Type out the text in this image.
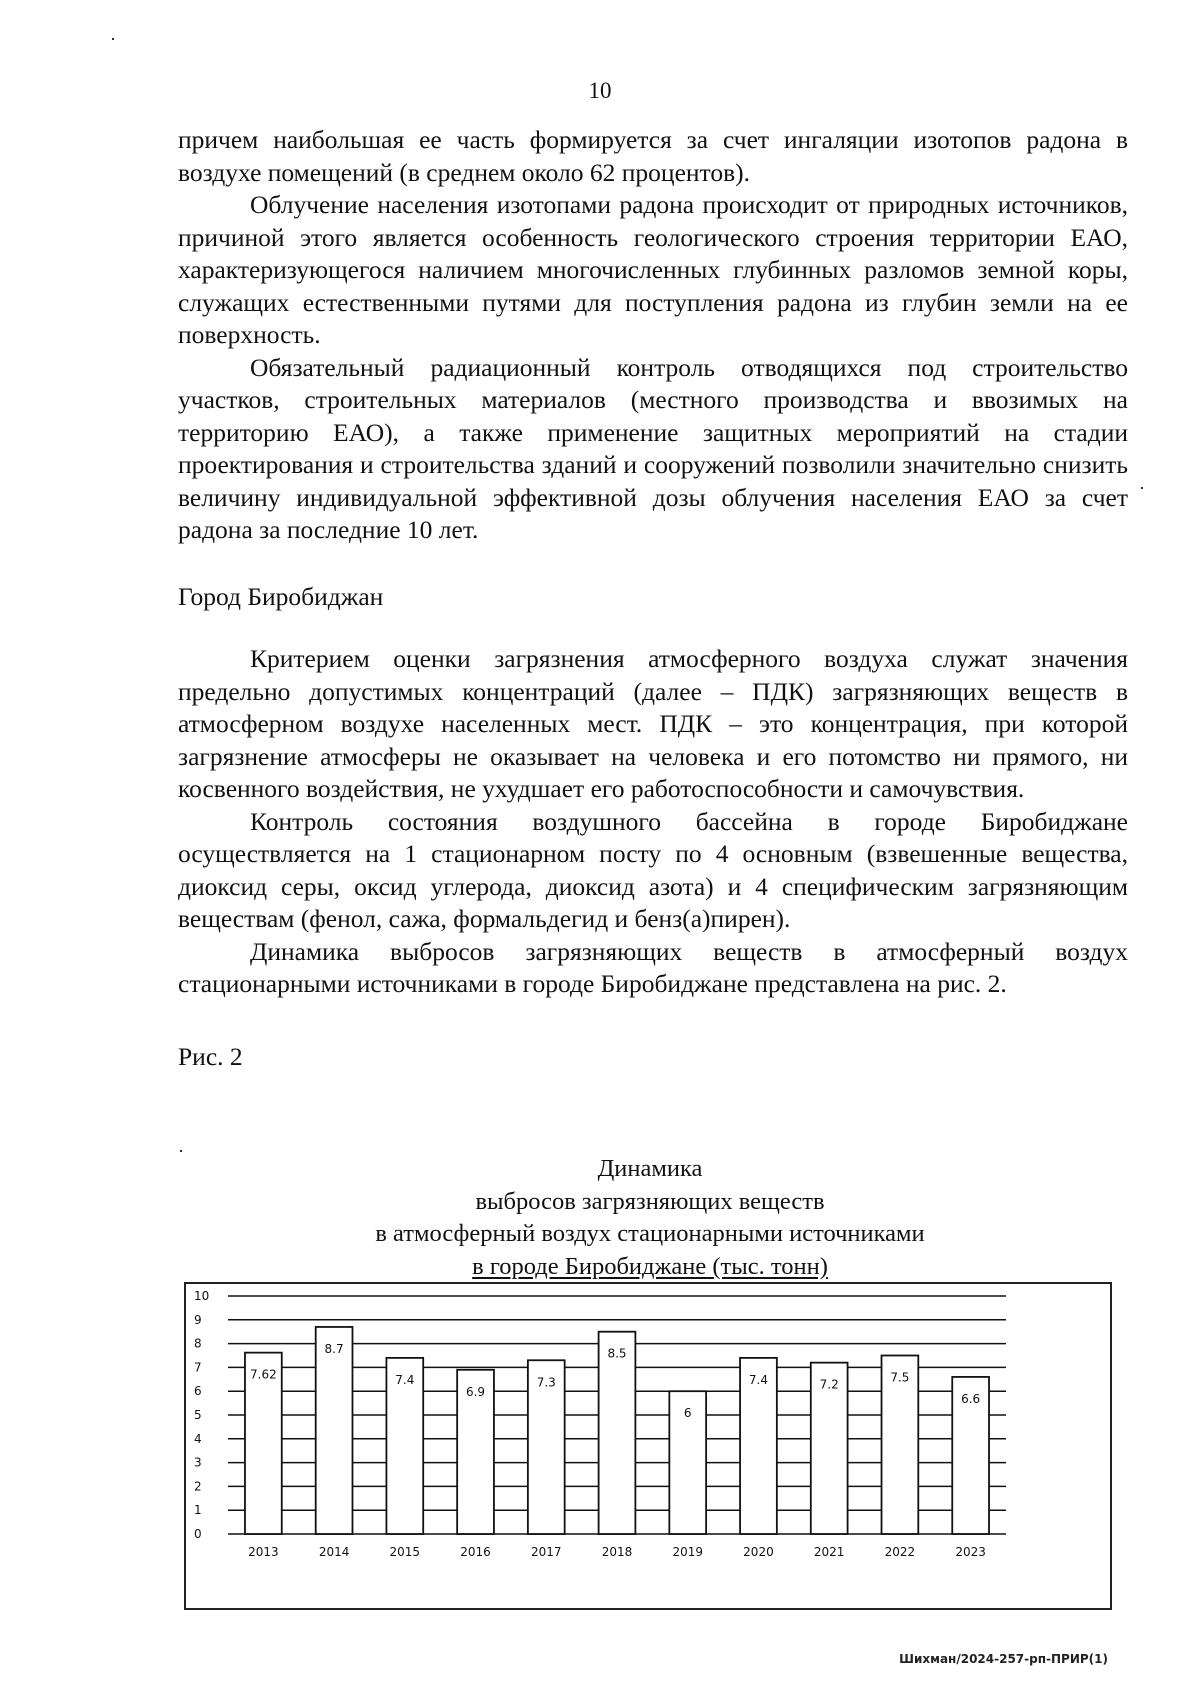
10

причем наибольшая ее часть формируется за счет ингаляции изотопов радона в воздухе помещений (в среднем около 62 процентов).

Облучение населения изотопами радона происходит от природных источников, причиной этого является особенность геологического строения территории ЕАО, характеризующегося наличием многочисленных глубинных разломов земной коры, служащих естественными путями для поступления радона из глубин земли на ее поверхность.

Обязательный радиационный контроль отводящихся под строительство участков, строительных материалов (местного производства и ввозимых на территорию ЕАО), а также применение защитных мероприятий на стадии проектирования и строительства зданий и сооружений позволили значительно снизить величину индивидуальной эффективной дозы облучения населения ЕАО за счет радона за последние 10 лет.

Город Биробиджан

Критерием оценки загрязнения атмосферного воздуха служат значения предельно допустимых концентраций (далее – ПДК) загрязняющих веществ в атмосферном воздухе населенных мест. ПДК – это концентрация, при которой загрязнение атмосферы не оказывает на человека и его потомство ни прямого, ни косвенного воздействия, не ухудшает его работоспособности и самочувствия.

Контроль состояния воздушного бассейна в городе Биробиджане осуществляется на 1 стационарном посту по 4 основным (взвешенные вещества, диоксид серы, оксид углерода, диоксид азота) и 4 специфическим загрязняющим веществам (фенол, сажа, формальдегид и бенз(а)пирен).

Динамика выбросов загрязняющих веществ в атмосферный воздух стационарными источниками в городе Биробиджане представлена на рис. 2.

Рис. 2

Динамика
выбросов загрязняющих веществ
в атмосферный воздух стационарными источниками
в городе Биробиджане (тыс. тонн)
0
1
2
3
4
5
6
7
8
9
10
7.62
2013
8.7
2014
7.4
2015
6.9
2016
7.3
2017
8.5
2018
6
2019
7.4
2020
7.2
2021
7.5
2022
6.6
2023
Шихман/2024-257-рп-ПРИР(1)
